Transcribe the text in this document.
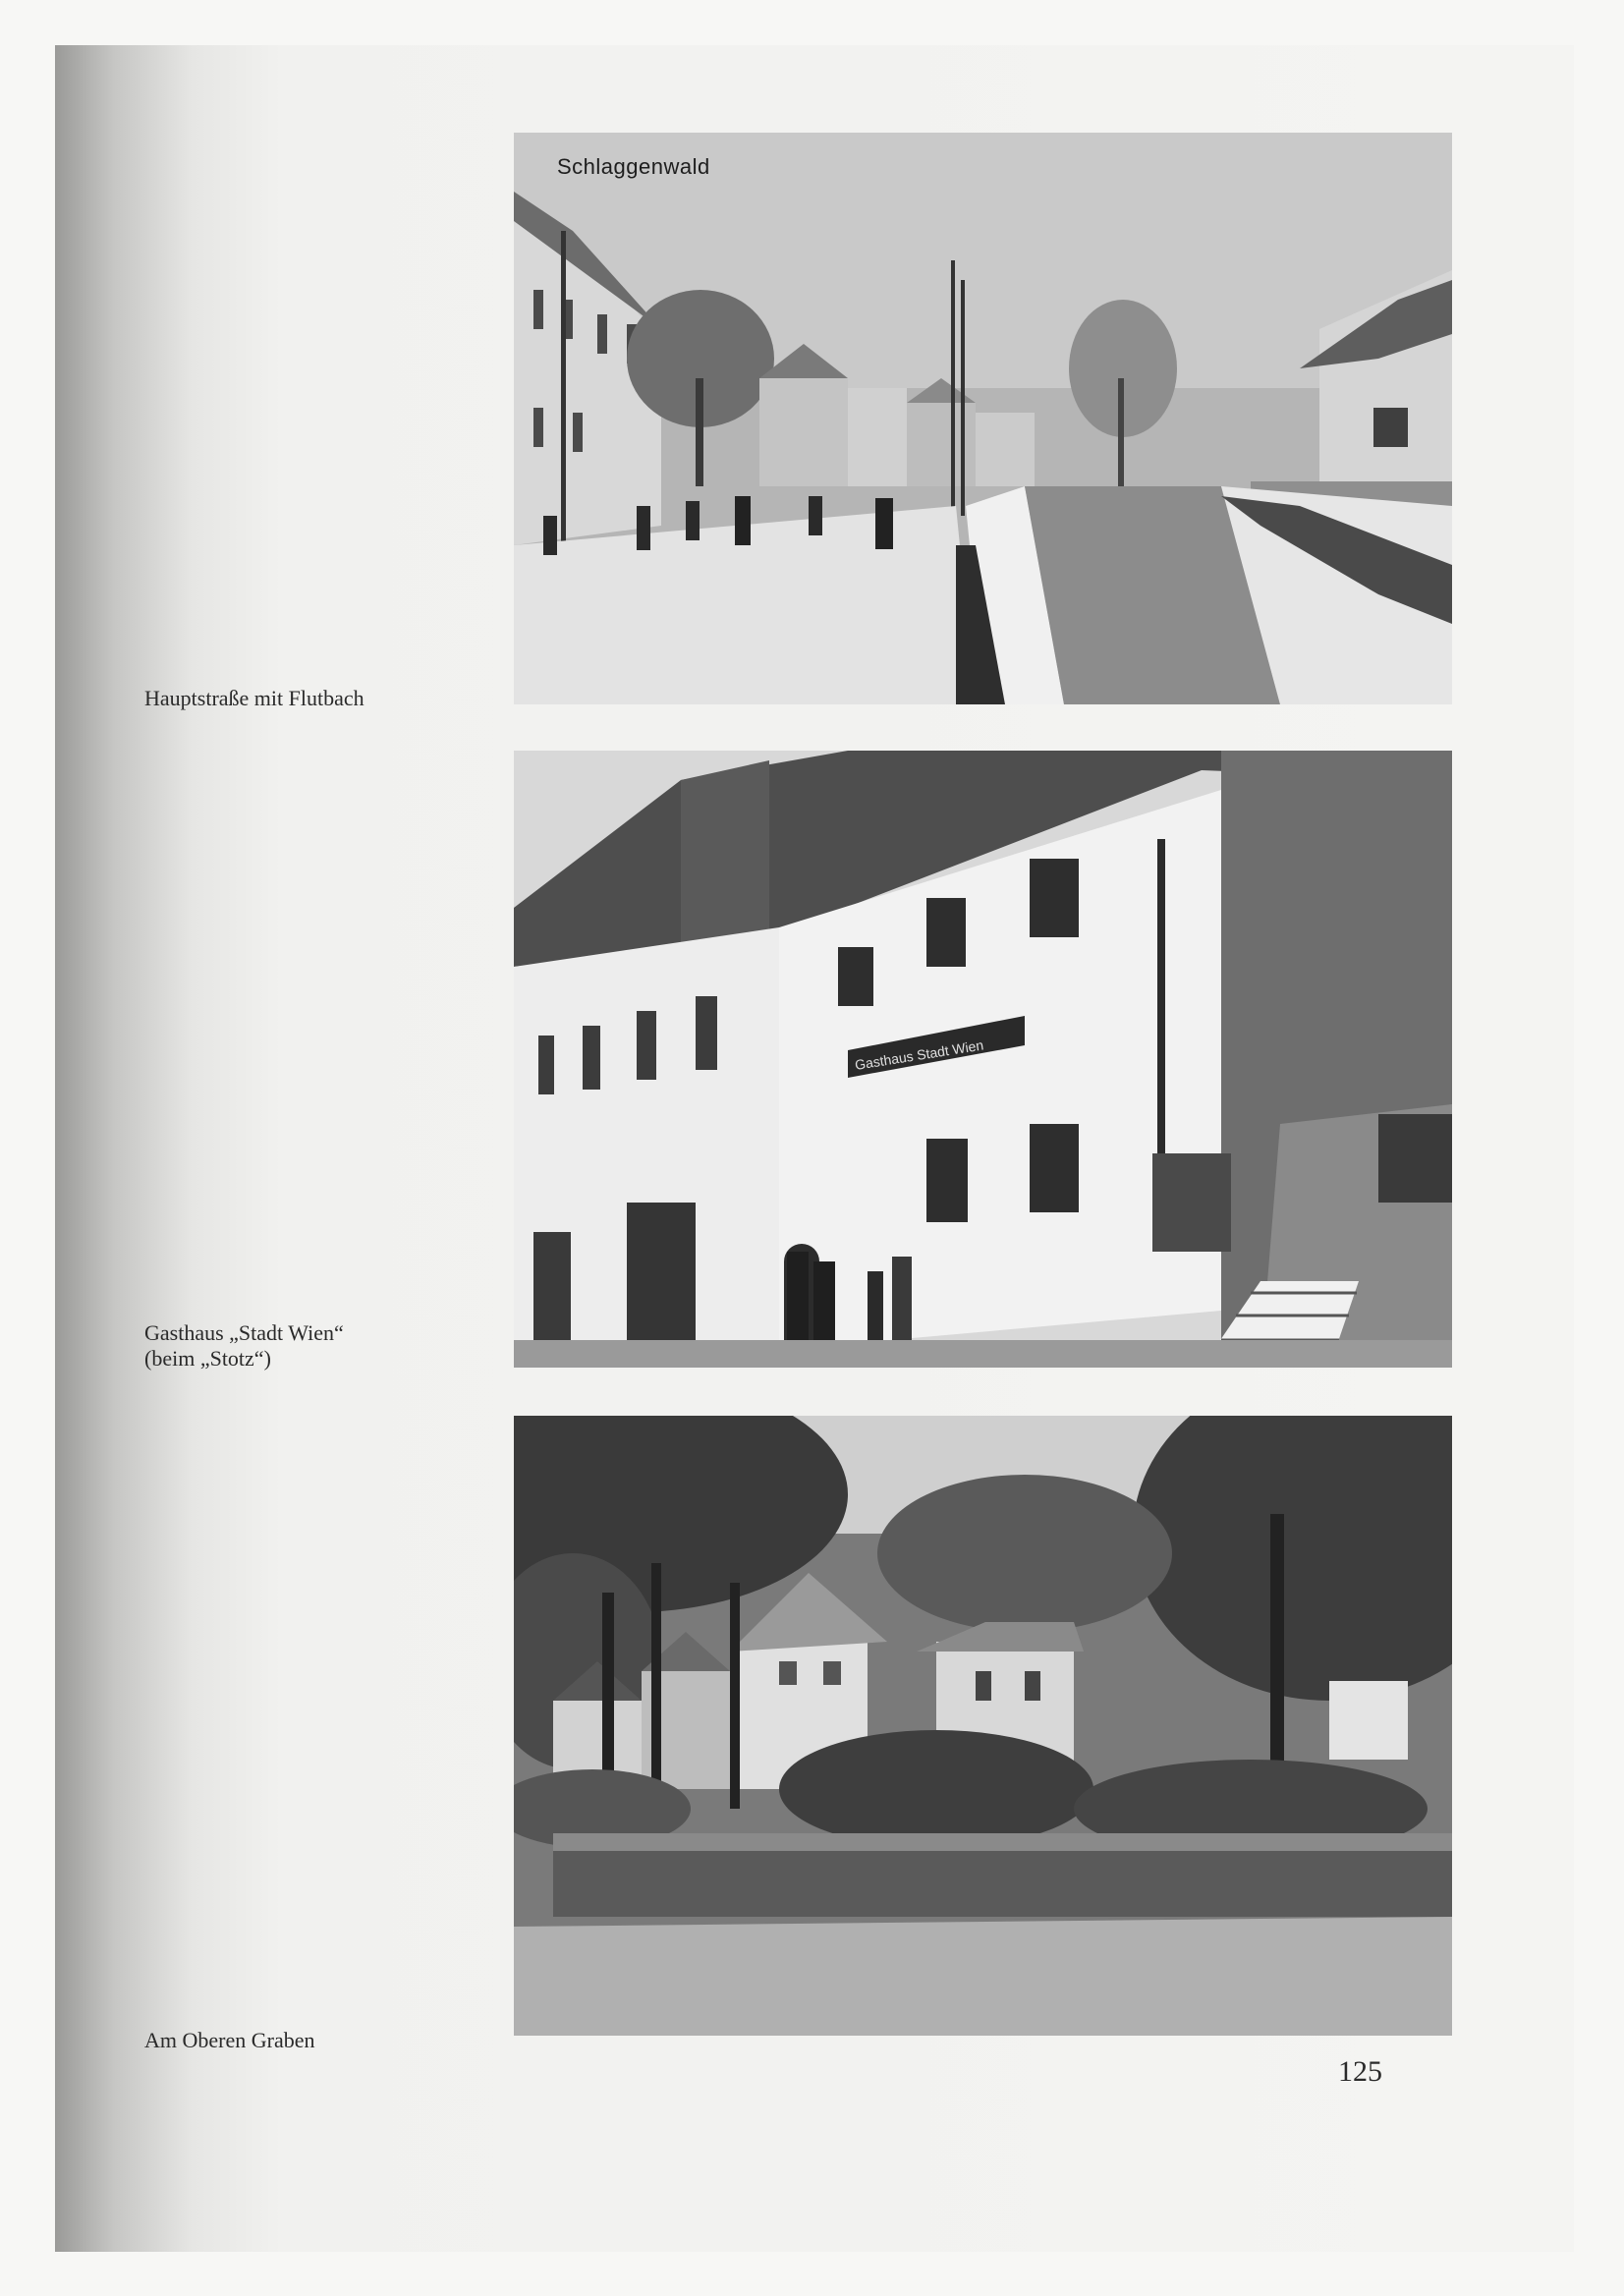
Schlaggenwald
Hauptstraße mit Flutbach
Gasthaus Stadt Wien
Gasthaus „Stadt Wien“
(beim „Stotz“)
Am Oberen Graben
125
